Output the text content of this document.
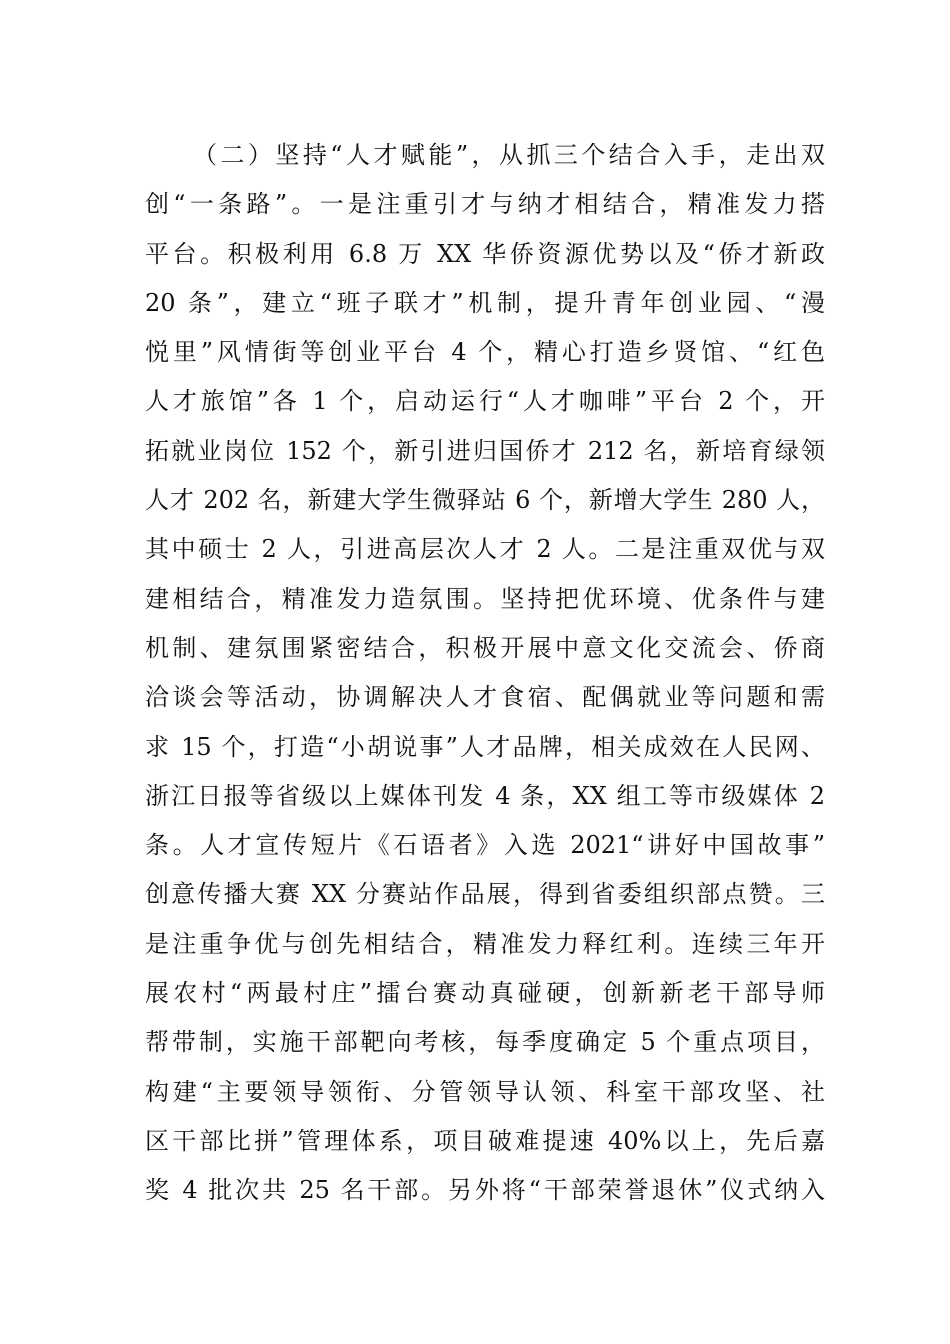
（二）坚持“人才赋能”，从抓三个结合入手，走出双
创“一条路”。一是注重引才与纳才相结合，精准发力搭
平台。积极利用 6.8 万 XX 华侨资源优势以及“侨才新政
20 条”，建立“班子联才”机制，提升青年创业园、“漫
悦里”风情街等创业平台 4 个，精心打造乡贤馆、“红色
人才旅馆”各 1 个，启动运行“人才咖啡”平台 2 个，开
拓就业岗位 152 个，新引进归国侨才 212 名，新培育绿领
人才 202 名，新建大学生微驿站 6 个，新增大学生 280 人，
其中硕士 2 人，引进高层次人才 2 人。二是注重双优与双
建相结合，精准发力造氛围。坚持把优环境、优条件与建
机制、建氛围紧密结合，积极开展中意文化交流会、侨商
洽谈会等活动，协调解决人才食宿、配偶就业等问题和需
求 15 个，打造“小胡说事”人才品牌，相关成效在人民网、
浙江日报等省级以上媒体刊发 4 条，XX 组工等市级媒体 2
条。人才宣传短片《石语者》入选 2021“讲好中国故事”
创意传播大赛 XX 分赛站作品展，得到省委组织部点赞。三
是注重争优与创先相结合，精准发力释红利。连续三年开
展农村“两最村庄”擂台赛动真碰硬，创新新老干部导师
帮带制，实施干部靶向考核，每季度确定 5 个重点项目，
构建“主要领导领衔、分管领导认领、科室干部攻坚、社
区干部比拼”管理体系，项目破难提速 40%以上，先后嘉
奖 4 批次共 25 名干部。另外将“干部荣誉退休”仪式纳入
